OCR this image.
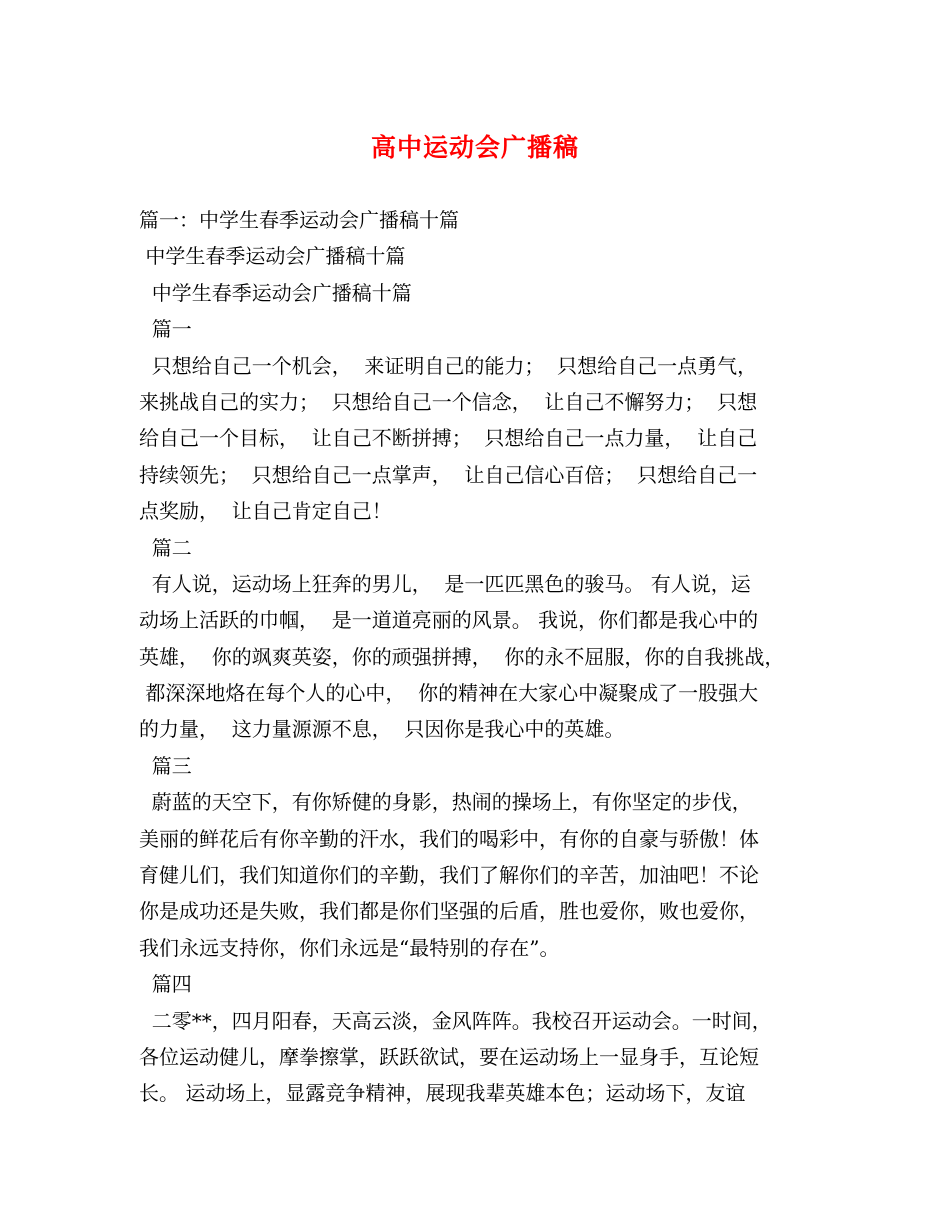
高中运动会广播稿
篇一：中学生春季运动会广播稿十篇
中学生春季运动会广播稿十篇
中学生春季运动会广播稿十篇
篇一
只想给自己一个机会，  来证明自己的能力；  只想给自己一点勇气，
来挑战自己的实力；  只想给自己一个信念，  让自己不懈努力；  只想
给自己一个目标，  让自己不断拼搏；  只想给自己一点力量，  让自己
持续领先；  只想给自己一点掌声，  让自己信心百倍；  只想给自己一
点奖励，  让自己肯定自己！
篇二
有人说，运动场上狂奔的男儿，  是一匹匹黑色的骏马。 有人说，运
动场上活跃的巾帼，  是一道道亮丽的风景。 我说，你们都是我心中的
英雄，  你的飒爽英姿，你的顽强拼搏，  你的永不屈服，你的自我挑战，
都深深地烙在每个人的心中，  你的精神在大家心中凝聚成了一股强大
的力量，  这力量源源不息，  只因你是我心中的英雄。
篇三
蔚蓝的天空下，有你矫健的身影，热闹的操场上，有你坚定的步伐，
美丽的鲜花后有你辛勤的汗水，我们的喝彩中，有你的自豪与骄傲！体
育健儿们，我们知道你们的辛勤，我们了解你们的辛苦，加油吧！不论
你是成功还是失败，我们都是你们坚强的后盾，胜也爱你，败也爱你，
我们永远支持你，你们永远是“最特别的存在”。
篇四
二零**，四月阳春，天高云淡，金风阵阵。我校召开运动会。一时间，
各位运动健儿，摩拳擦掌，跃跃欲试，要在运动场上一显身手，互论短
长。 运动场上，显露竞争精神，展现我辈英雄本色；运动场下，友谊
